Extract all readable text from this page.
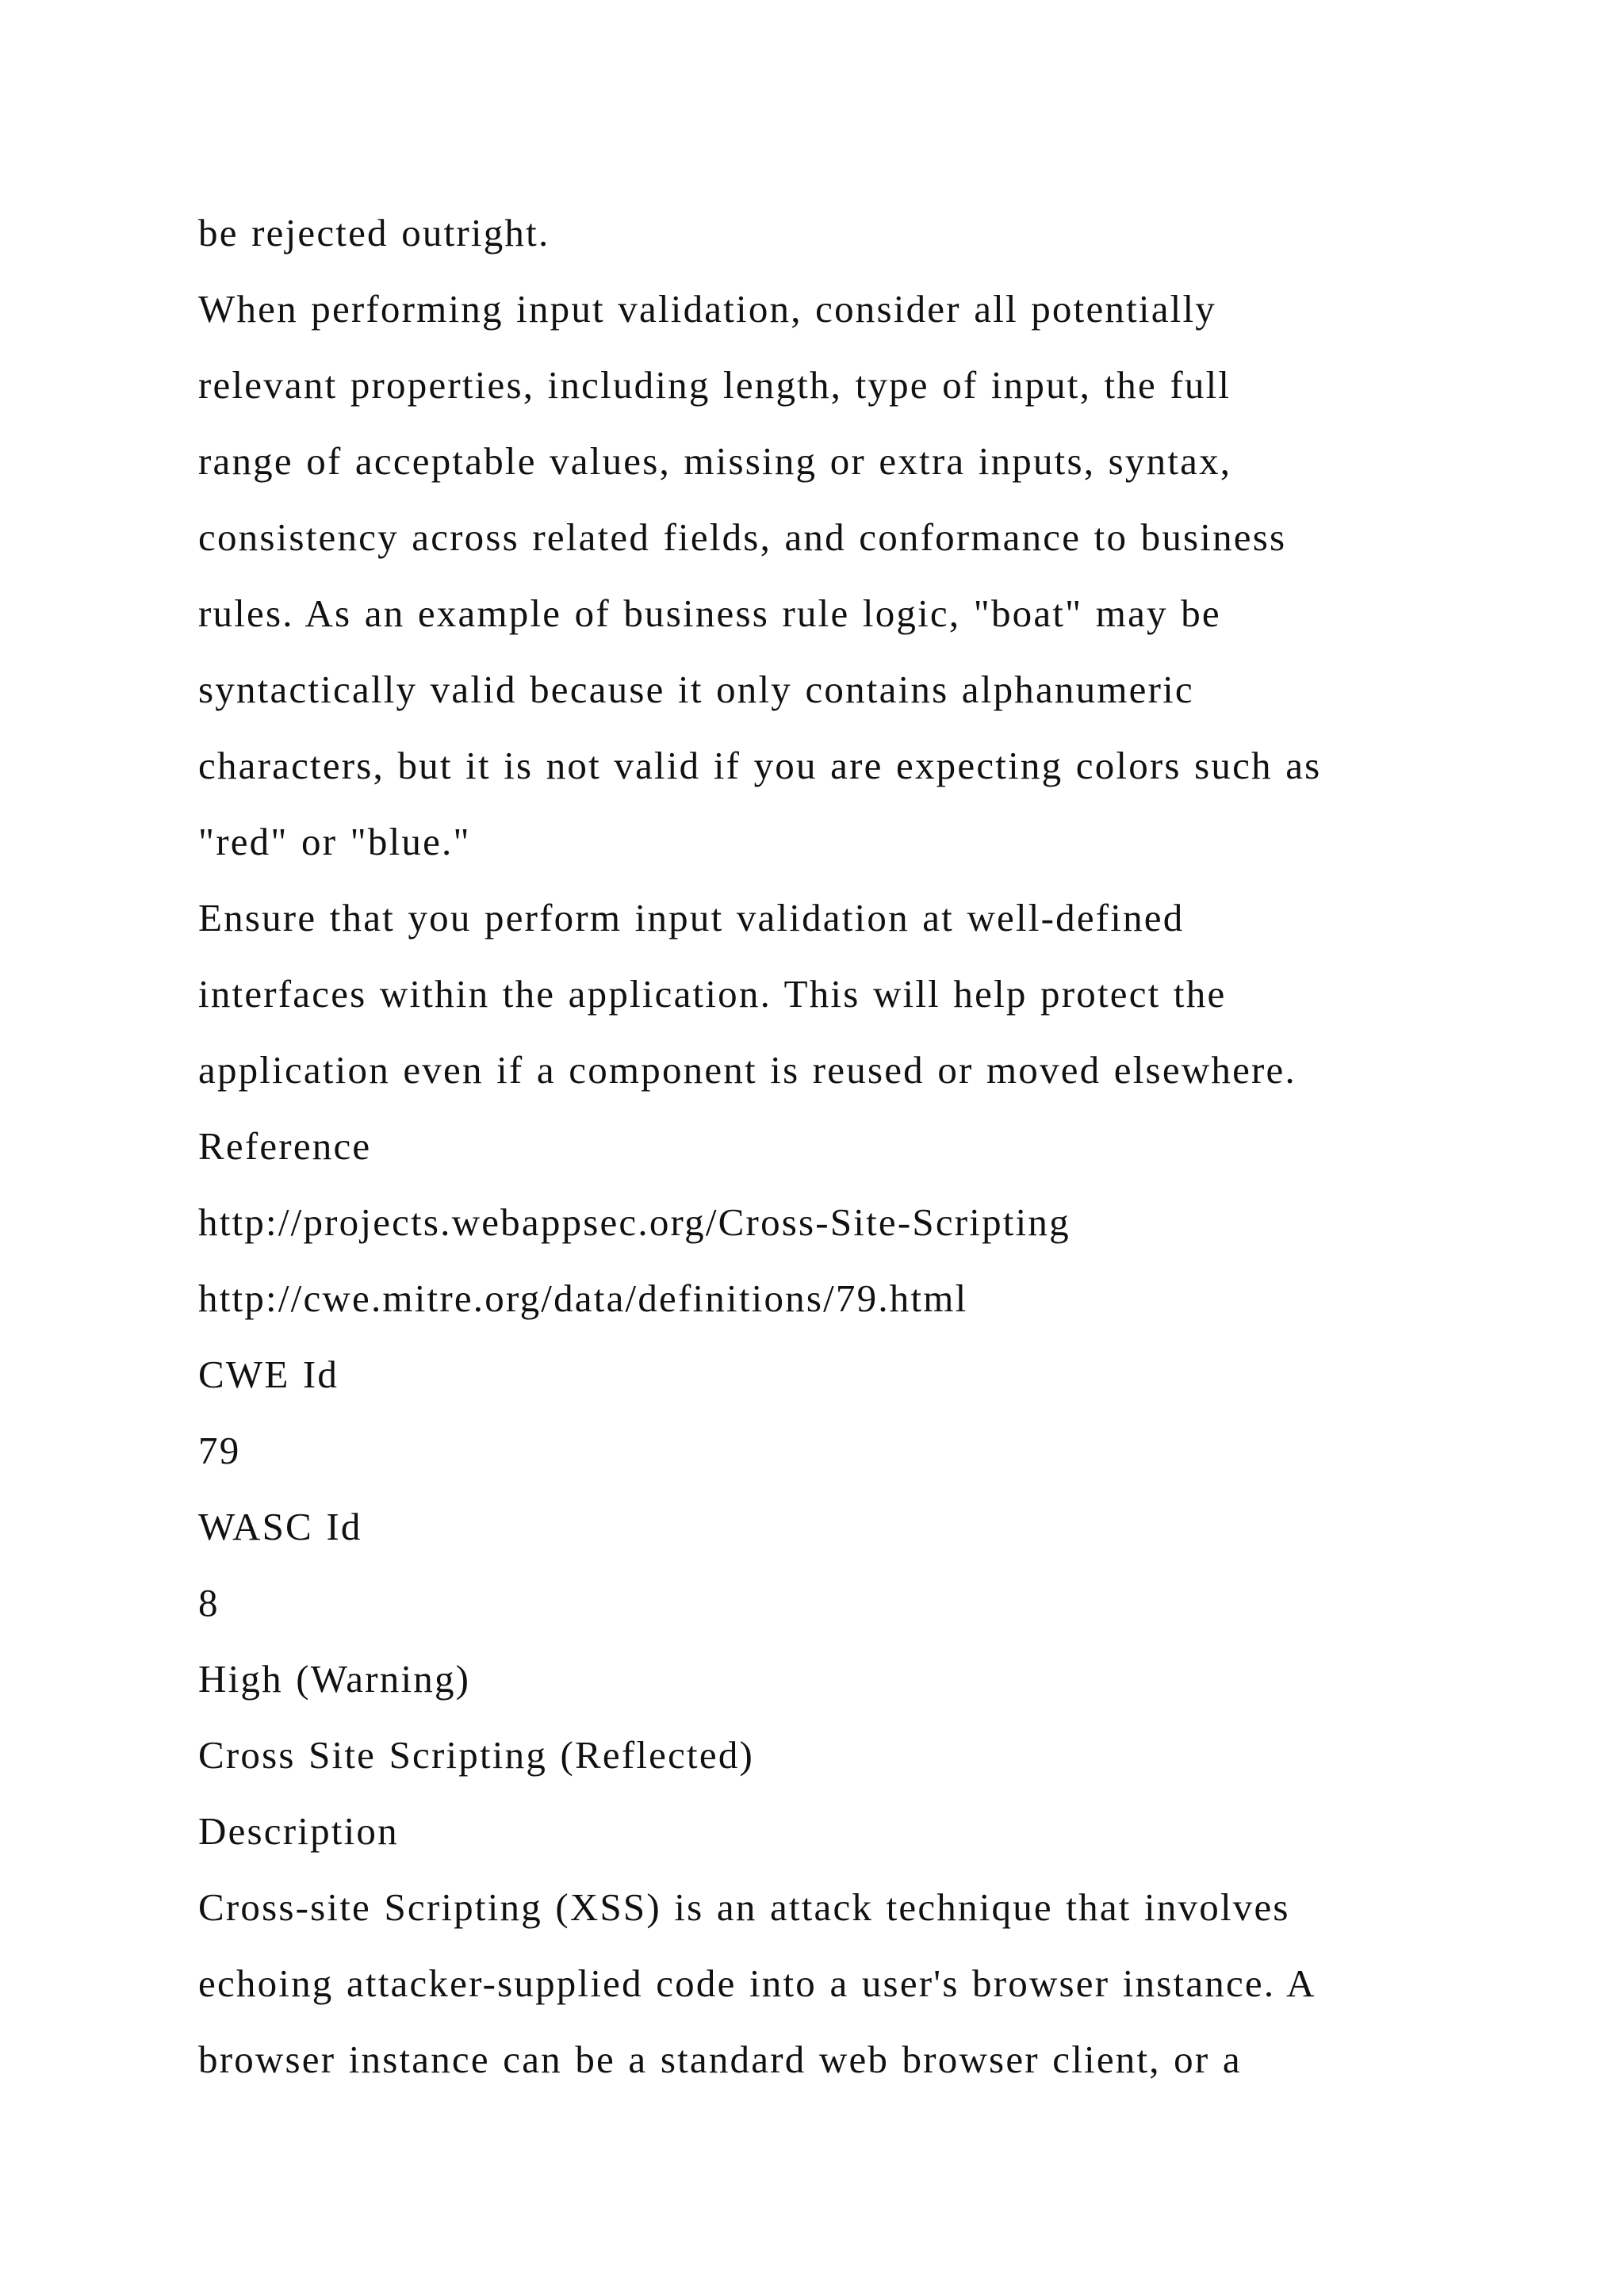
be rejected outright.
When performing input validation, consider all potentially
relevant properties, including length, type of input, the full
range of acceptable values, missing or extra inputs, syntax,
consistency across related fields, and conformance to business
rules. As an example of business rule logic, "boat" may be
syntactically valid because it only contains alphanumeric
characters, but it is not valid if you are expecting colors such as
"red" or "blue."
Ensure that you perform input validation at well-defined
interfaces within the application. This will help protect the
application even if a component is reused or moved elsewhere.
Reference
http://projects.webappsec.org/Cross-Site-Scripting
http://cwe.mitre.org/data/definitions/79.html
CWE Id
79
WASC Id
8
High (Warning)
Cross Site Scripting (Reflected)
Description
Cross-site Scripting (XSS) is an attack technique that involves
echoing attacker-supplied code into a user's browser instance. A
browser instance can be a standard web browser client, or a
